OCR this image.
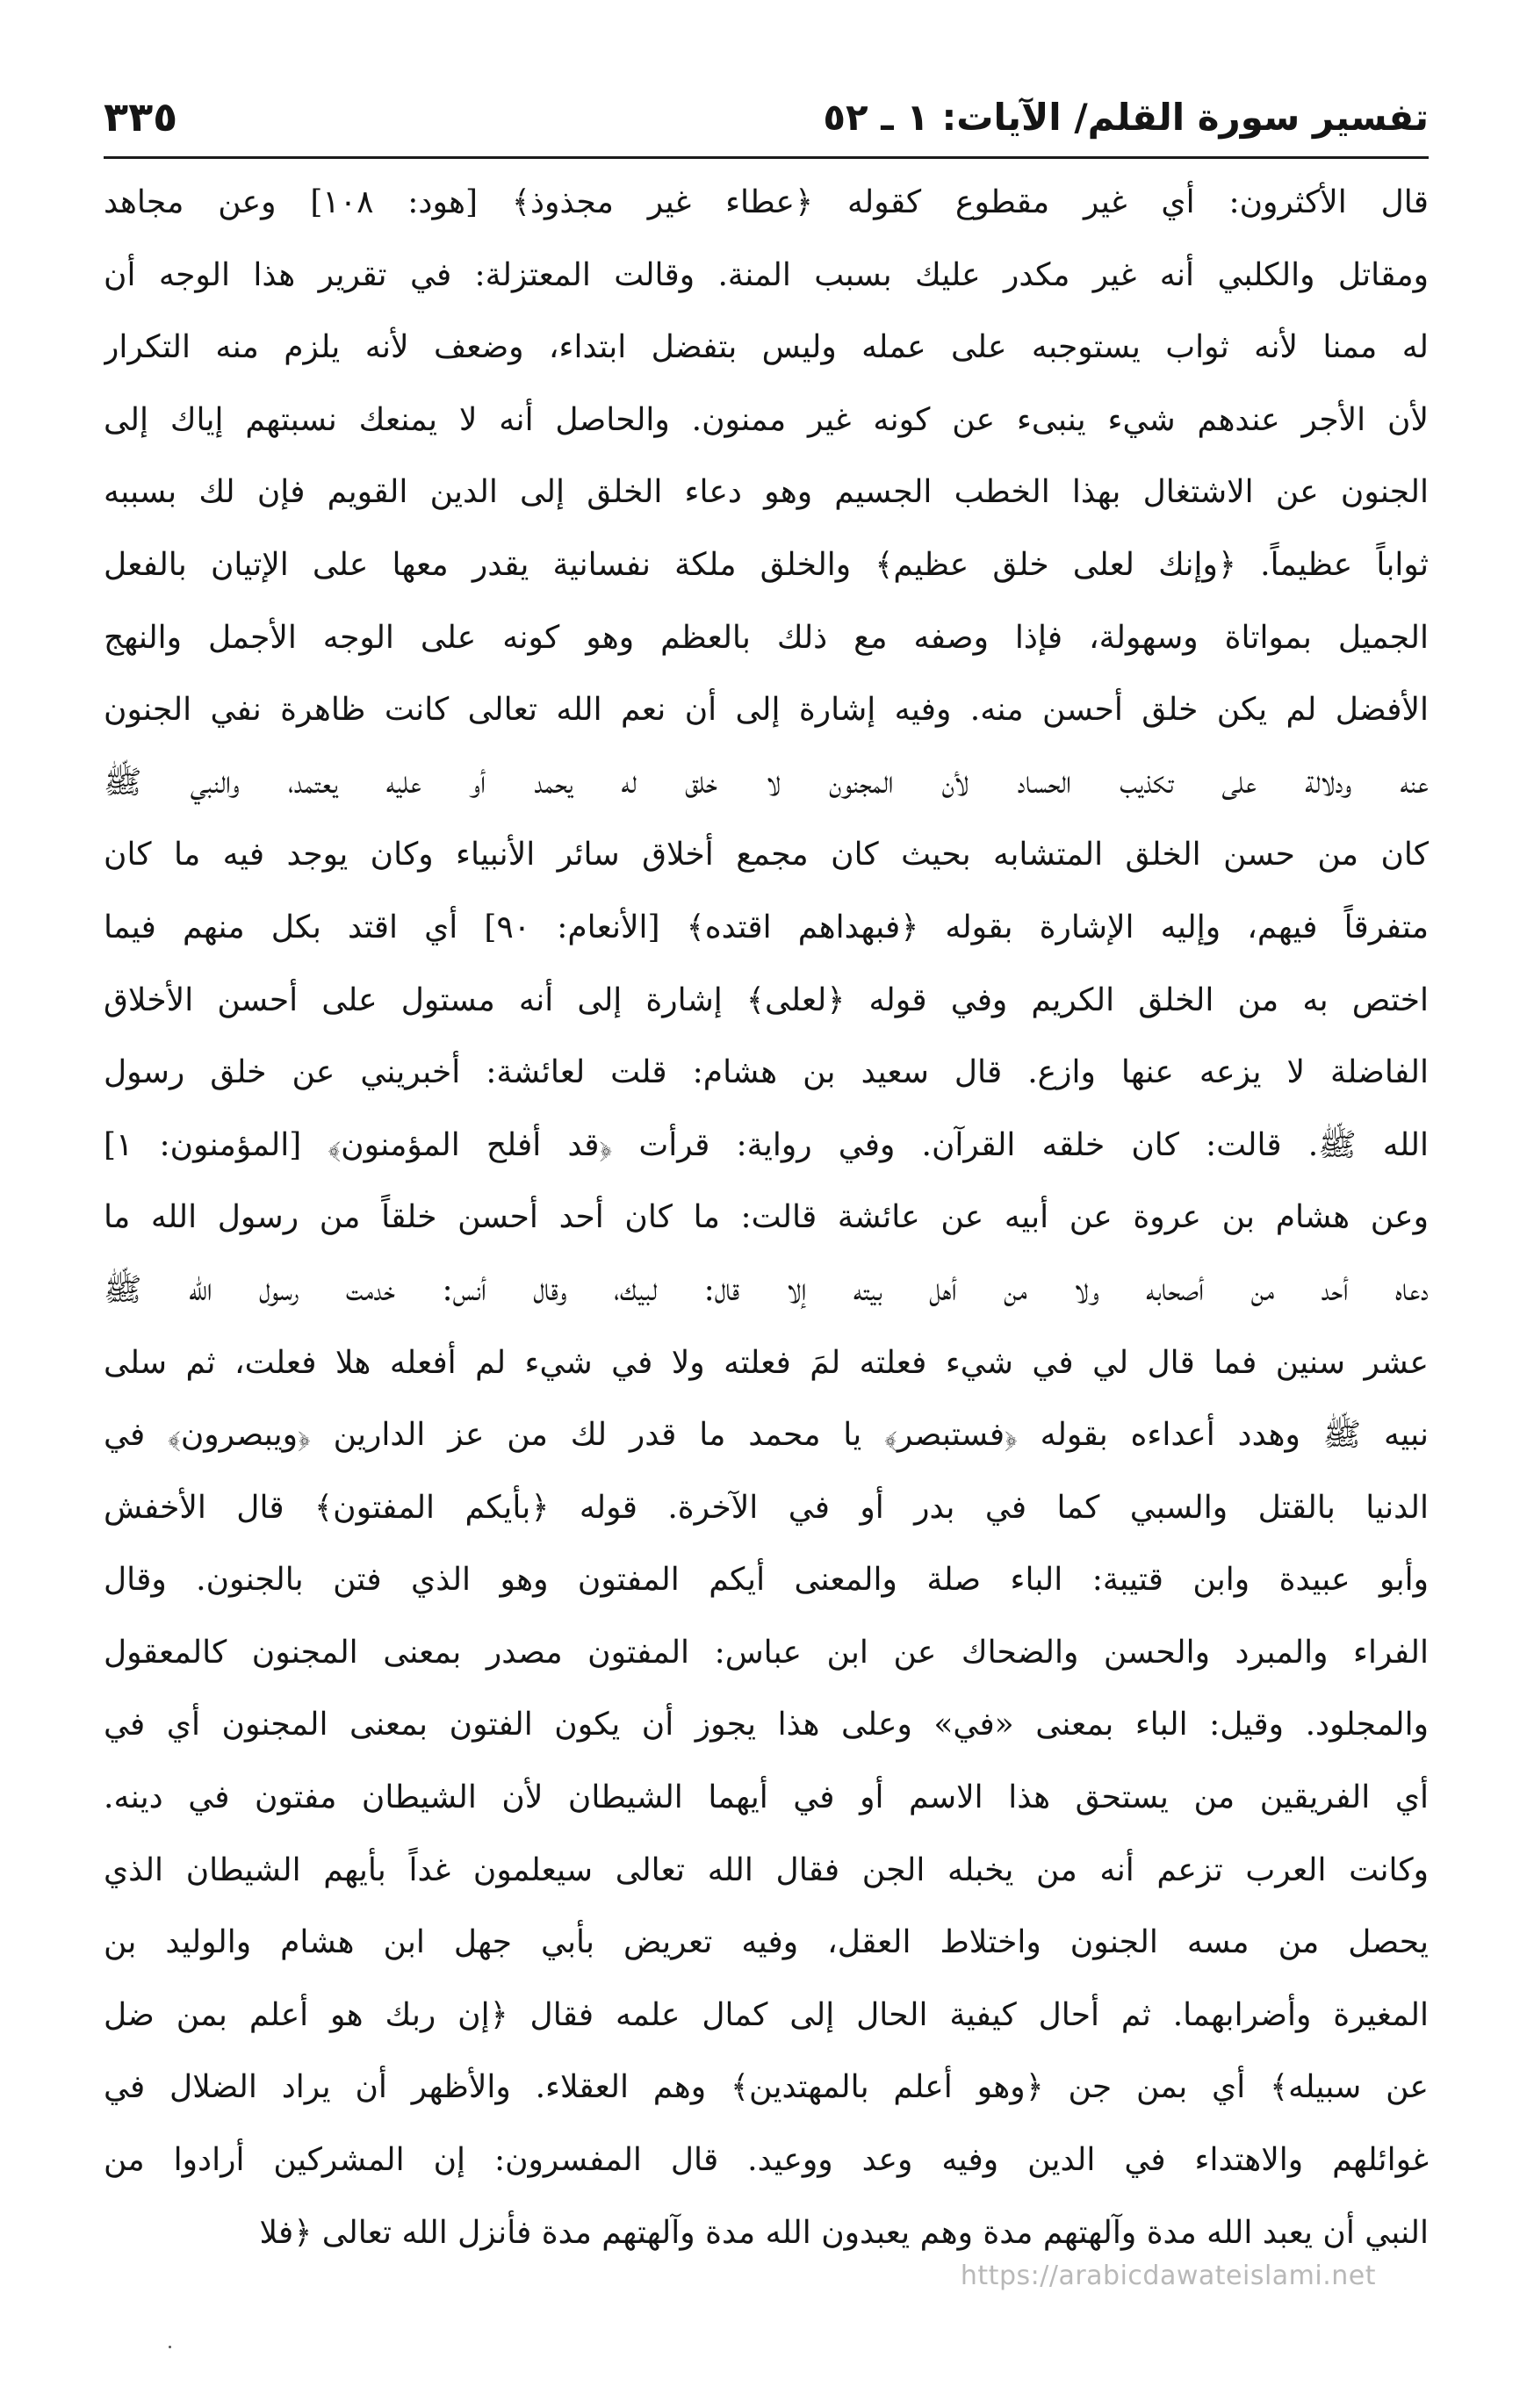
تفسير سورة القلم/ الآيات: ١ ـ ٥٢
٣٣٥
قال الأكثرون: أي غير مقطوع كقوله ﴿عطاء غير مجذوذ﴾ [هود: ١٠٨] وعن مجاهد
ومقاتل والكلبي أنه غير مكدر عليك بسبب المنة. وقالت المعتزلة: في تقرير هذا الوجه أن
له ممنا لأنه ثواب يستوجبه على عمله وليس بتفضل ابتداء، وضعف لأنه يلزم منه التكرار
لأن الأجر عندهم شيء ينبىء عن كونه غير ممنون. والحاصل أنه لا يمنعك نسبتهم إياك إلى
الجنون عن الاشتغال بهذا الخطب الجسيم وهو دعاء الخلق إلى الدين القويم فإن لك بسببه
ثواباً عظيماً. ﴿وإنك لعلى خلق عظيم﴾ والخلق ملكة نفسانية يقدر معها على الإتيان بالفعل
الجميل بمواتاة وسهولة، فإذا وصفه مع ذلك بالعظم وهو كونه على الوجه الأجمل والنهج
الأفضل لم يكن خلق أحسن منه. وفيه إشارة إلى أن نعم الله تعالى كانت ظاهرة نفي الجنون
عنه ودلالة على تكذيب الحساد لأن المجنون لا خلق له يحمد أو عليه يعتمد، والنبي ﷺ
كان من حسن الخلق المتشابه بحيث كان مجمع أخلاق سائر الأنبياء وكان يوجد فيه ما كان
متفرقاً فيهم، وإليه الإشارة بقوله ﴿فبهداهم اقتده﴾ [الأنعام: ٩٠] أي اقتد بكل منهم فيما
اختص به من الخلق الكريم وفي قوله ﴿لعلى﴾ إشارة إلى أنه مستول على أحسن الأخلاق
الفاضلة لا يزعه عنها وازع. قال سعيد بن هشام: قلت لعائشة: أخبريني عن خلق رسول
الله ﷺ. قالت: كان خلقه القرآن. وفي رواية: قرأت ﴿قد أفلح المؤمنون﴾ [المؤمنون: ١]
وعن هشام بن عروة عن أبيه عن عائشة قالت: ما كان أحد أحسن خلقاً من رسول الله ما
دعاه أحد من أصحابه ولا من أهل بيته إلا قال: لبيك، وقال أنس: خدمت رسول الله ﷺ
عشر سنين فما قال لي في شيء فعلته لمَ فعلته ولا في شيء لم أفعله هلا فعلت، ثم سلى
نبيه ﷺ وهدد أعداءه بقوله ﴿فستبصر﴾ يا محمد ما قدر لك من عز الدارين ﴿ويبصرون﴾ في
الدنيا بالقتل والسبي كما في بدر أو في الآخرة. قوله ﴿بأيكم المفتون﴾ قال الأخفش
وأبو عبيدة وابن قتيبة: الباء صلة والمعنى أيكم المفتون وهو الذي فتن بالجنون. وقال
الفراء والمبرد والحسن والضحاك عن ابن عباس: المفتون مصدر بمعنى المجنون كالمعقول
والمجلود. وقيل: الباء بمعنى «في» وعلى هذا يجوز أن يكون الفتون بمعنى المجنون أي في
أي الفريقين من يستحق هذا الاسم أو في أيهما الشيطان لأن الشيطان مفتون في دينه.
وكانت العرب تزعم أنه من يخبله الجن فقال الله تعالى سيعلمون غداً بأيهم الشيطان الذي
يحصل من مسه الجنون واختلاط العقل، وفيه تعريض بأبي جهل ابن هشام والوليد بن
المغيرة وأضرابهما. ثم أحال كيفية الحال إلى كمال علمه فقال ﴿إن ربك هو أعلم بمن ضل
عن سبيله﴾ أي بمن جن ﴿وهو أعلم بالمهتدين﴾ وهم العقلاء. والأظهر أن يراد الضلال في
غوائلهم والاهتداء في الدين وفيه وعد ووعيد. قال المفسرون: إن المشركين أرادوا من
النبي أن يعبد الله مدة وآلهتهم مدة وهم يعبدون الله مدة وآلهتهم مدة فأنزل الله تعالى ﴿فلا
https://arabicdawateislami.net
